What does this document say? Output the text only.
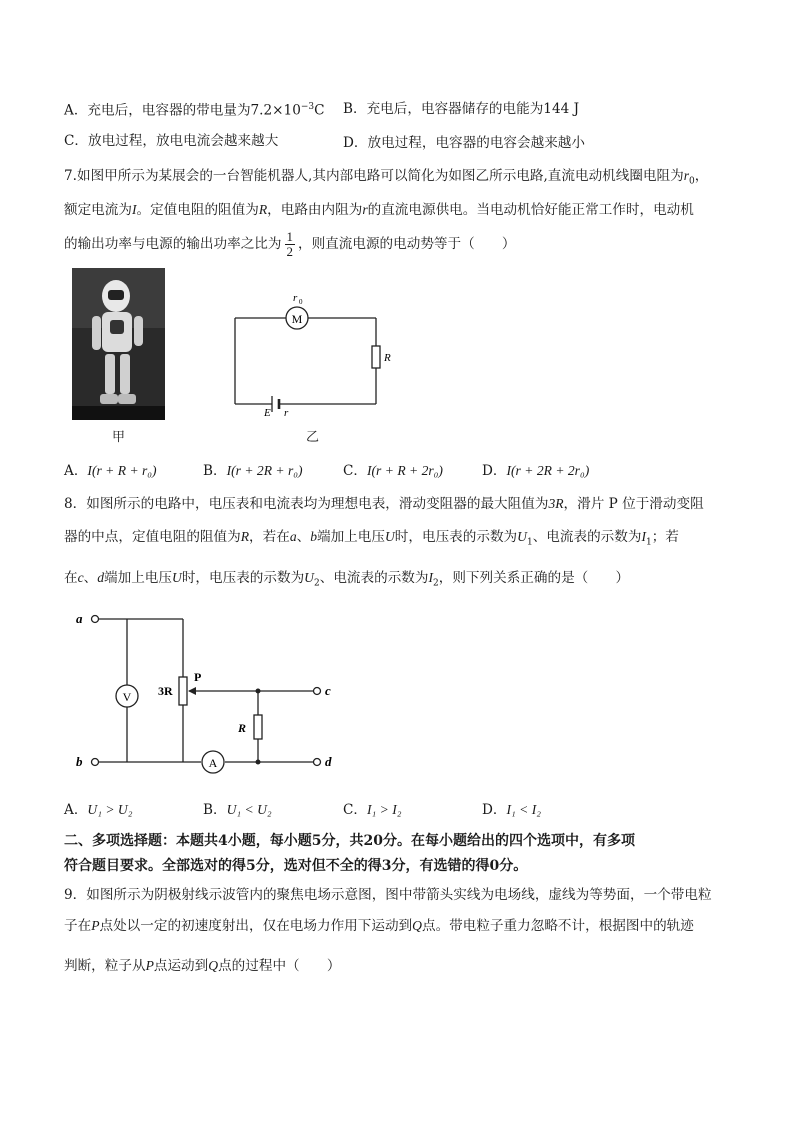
A．充电后，电容器的带电量为$7.2\times 10^{-3}C$ B．充电后，电容器储存的电能为144 J
C．放电过程，放电电流会越来越大	D．放电过程，电容器的电容会越来越小
7.如图甲所示为某展会的一台智能机器人,其内部电路可以简化为如图乙所示电路,直流电动机线圈电阻为$r_0$，
额定电流为I。定值电阻的阻值为R，电路由内阻为r的直流电源供电。当电动机恰好能正常工作时，电动机
的输出功率与电源的输出功率之比为 $\frac{1}{2}$ ，则直流电源的电动势等于（　　）
甲
M
r 0
R
E r
乙
A．I(r + R + r₀)	B．I(r + 2R + r₀)	C．I(r + R + 2r₀)	D．I(r + 2R + 2r₀)
8．如图所示的电路中，电压表和电流表均为理想电表，滑动变阻器的最大阻值为3R，滑片 P 位于滑动变阻
器的中点，定值电阻的阻值为R，若在a、b端加上电压U时，电压表的示数为$U_1$、电流表的示数为$I_1$；若
在c、d端加上电压U时，电压表的示数为$U_2$、电流表的示数为$I_2$，则下列关系正确的是（　　）
a
b
c
d
V 3R
P
R
A
A．U₁ > U₂	B．U₁ < U₂	C．I₁ > I₂	D．I₁ < I₂
二、多项选择题：本题共4小题，每小题5分，共20分。在每小题给出的四个选项中，有多项
符合题目要求。全部选对的得5分，选对但不全的得3分，有选错的得0分。
9．如图所示为阴极射线示波管内的聚焦电场示意图，图中带箭头实线为电场线，虚线为等势面，一个带电粒
子在P点处以一定的初速度射出，仅在电场力作用下运动到Q点。带电粒子重力忽略不计，根据图中的轨迹
判断，粒子从P点运动到Q点的过程中（　　）
